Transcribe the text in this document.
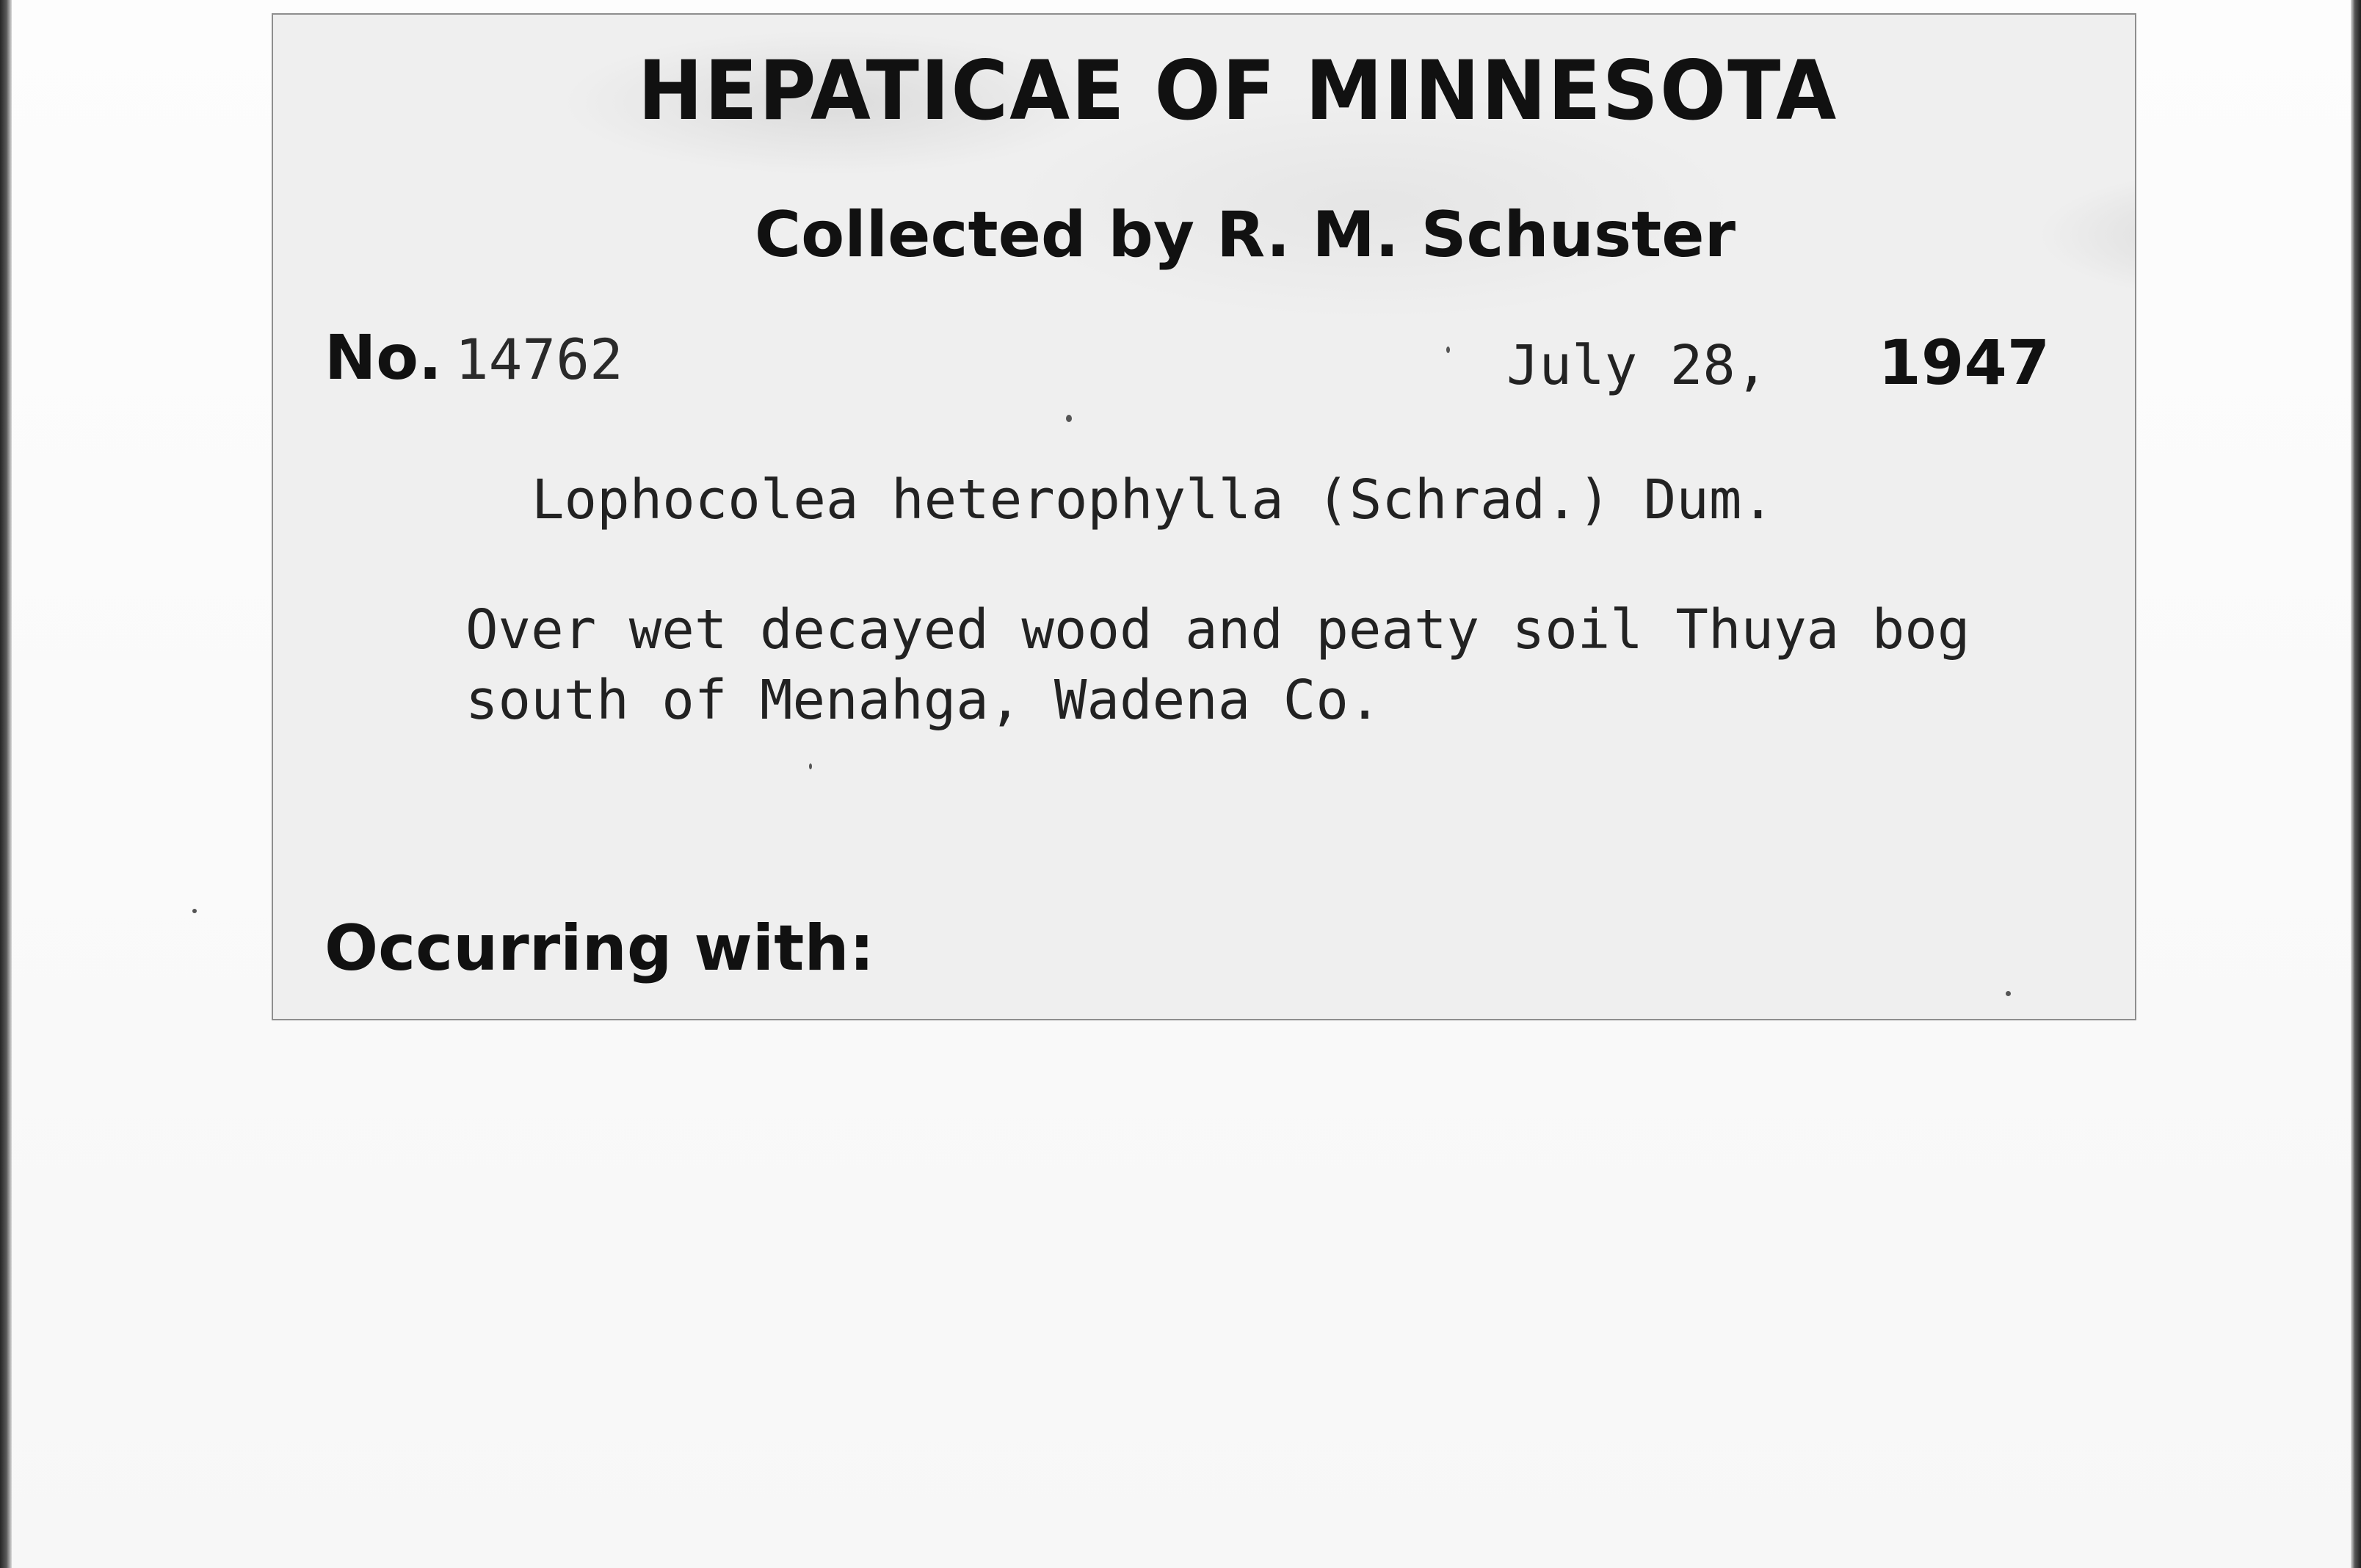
HEPATICAE OF MINNESOTA
Collected by R. M. Schuster
No. 14762	July 28, 1947
Lophocolea heterophylla (Schrad.) Dum.
Over wet decayed wood and peaty soil Thuya bog
south of Menahga, Wadena Co.
Occurring with:
